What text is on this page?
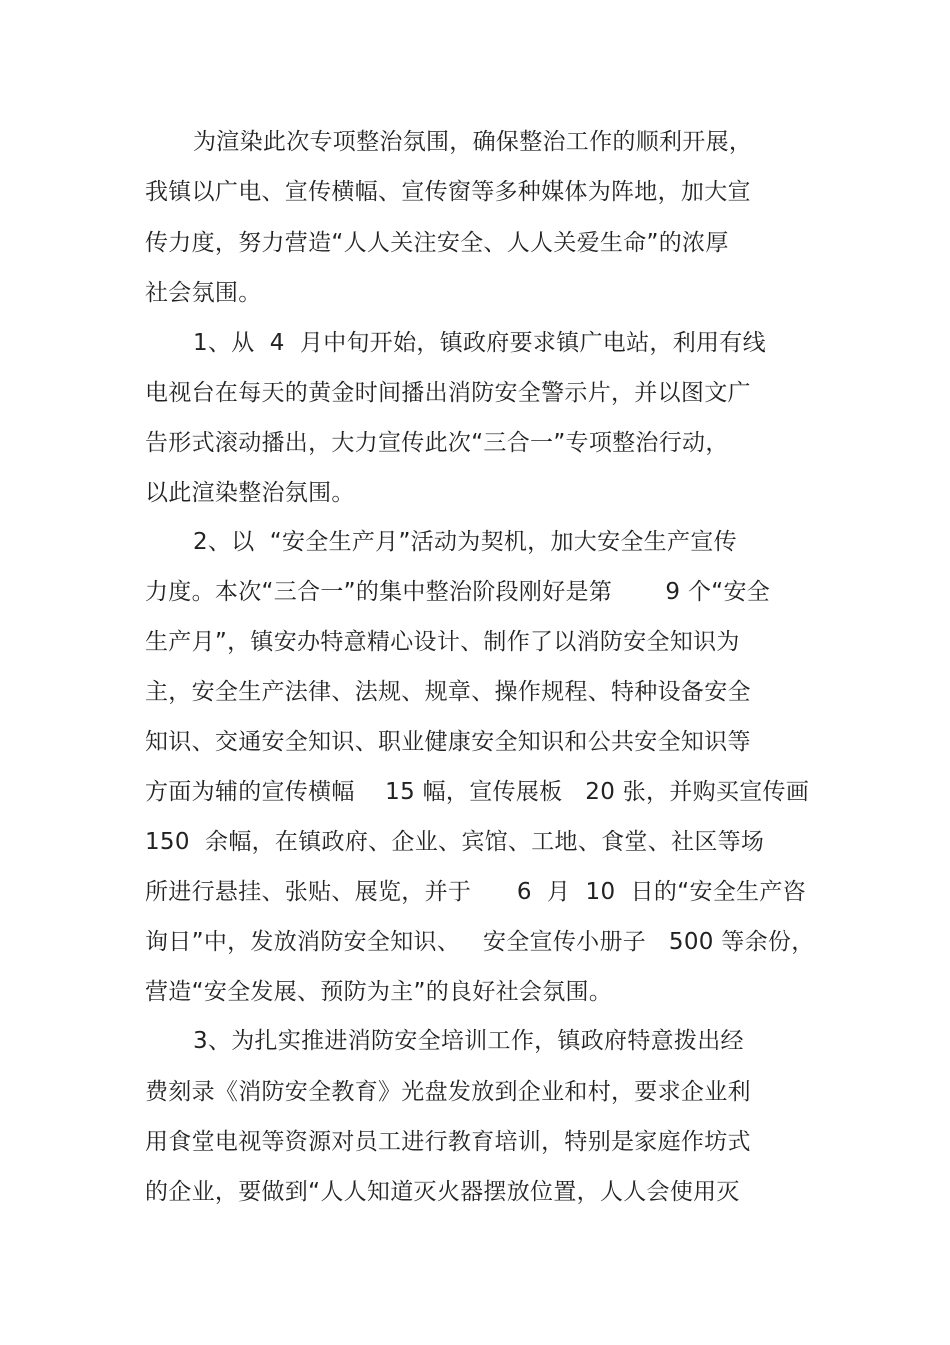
为渲染此次专项整治氛围，确保整治工作的顺利开展，
我镇以广电、宣传横幅、宣传窗等多种媒体为阵地，加大宣
传力度，努力营造“人人关注安全、人人关爱生命”的浓厚
社会氛围。
1、从  4  月中旬开始，镇政府要求镇广电站，利用有线
电视台在每天的黄金时间播出消防安全警示片，并以图文广
告形式滚动播出，大力宣传此次“三合一”专项整治行动，
以此渲染整治氛围。
2、以  “安全生产月”活动为契机，加大安全生产宣传
力度。本次“三合一”的集中整治阶段刚好是第       9 个“安全
生产月”，镇安办特意精心设计、制作了以消防安全知识为
主，安全生产法律、法规、规章、操作规程、特种设备安全
知识、交通安全知识、职业健康安全知识和公共安全知识等
方面为辅的宣传横幅    15 幅，宣传展板   20 张，并购买宣传画
150  余幅，在镇政府、企业、宾馆、工地、食堂、社区等场
所进行悬挂、张贴、展览，并于      6  月  10  日的“安全生产咨
询日”中，发放消防安全知识、   安全宣传小册子   500 等余份，
营造“安全发展、预防为主”的良好社会氛围。
3、为扎实推进消防安全培训工作，镇政府特意拨出经
费刻录《消防安全教育》光盘发放到企业和村，要求企业利
用食堂电视等资源对员工进行教育培训，特别是家庭作坊式
的企业，要做到“人人知道灭火器摆放位置，人人会使用灭
